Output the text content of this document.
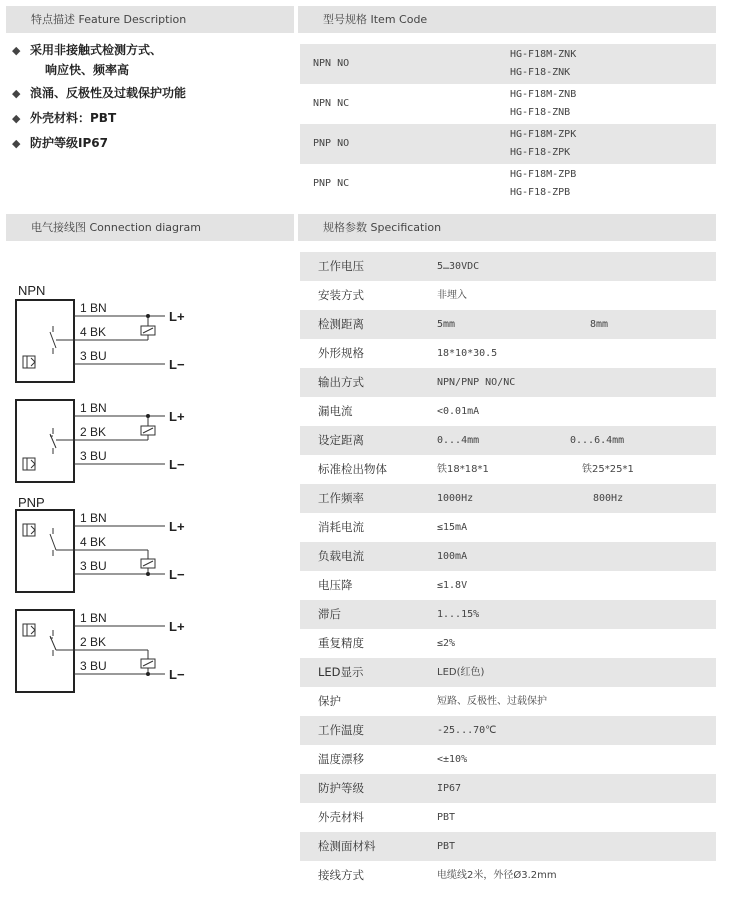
特点描述 Feature Description	型号规格 Item Code
电气接线图 Connection diagram	规格参数 Specification
◆ 采用非接触式检测方式、
响应快、频率高
◆ 浪涌、反极性及过载保护功能
◆ 外壳材料：PBT
◆ 防护等级IP67
NPN NO
HG-F18M-ZNK
HG-F18-ZNK
NPN NC
HG-F18M-ZNB
HG-F18-ZNB
PNP NO
HG-F18M-ZPK
HG-F18-ZPK
PNP NC
HG-F18M-ZPB
HG-F18-ZPB
NPN
1 BN
4 BK
3 BU
L+
L−
1 BN
2 BK
3 BU
L+
L−
PNP
1 BN
4 BK
3 BU
L+
L−
1 BN
2 BK
3 BU
L+
L−
工作电压	5…30VDC
安装方式	非埋入
检测距离	5mm	8mm
外形规格	18*10*30.5
输出方式	NPN/PNP NO/NC
漏电流	<0.01mA
设定距离	0...4mm	0...6.4mm
标准检出物体	铁18*18*1	铁25*25*1
工作频率	1000Hz	800Hz
消耗电流	≤15mA
负载电流	100mA
电压降	≤1.8V
滞后	1...15%
重复精度	≤2%
LED显示	LED(红色)
保护	短路、反极性、过载保护
工作温度	-25...70℃
温度漂移	<±10%
防护等级	IP67
外壳材料	PBT
检测面材料	PBT
接线方式	电缆线2米，外径Ø3.2mm
